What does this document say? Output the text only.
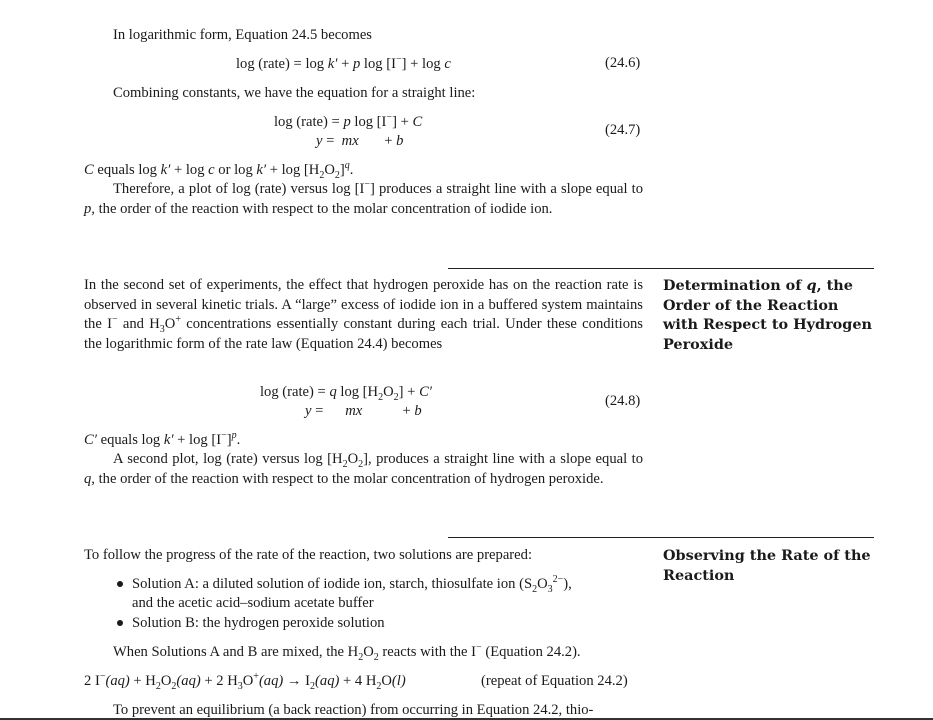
In logarithmic form, Equation 24.5 becomes
log (rate) = log k′ + p log [I−] + log c	(24.6)
Combining constants, we have the equation for a straight line:
log (rate) = p log [I−] + C
y = mx + b
(24.7)
C equals log k′ + log c or $\log k' + \log [H_2O_2]^q$.
Therefore, a plot of log (rate) versus log [I−] produces a straight line with a slope equal to p, the order of the reaction with respect to the molar concentration of iodide ion.
Determination of q, the Order of the Reaction with Respect to Hydrogen Peroxide
In the second set of experiments, the effect that hydrogen peroxide has on the reaction rate is observed in several kinetic trials. A “large” excess of iodide ion in a buffered system maintains the I− and $H_3O^+$ concentrations essentially constant during each trial. Under these conditions the logarithmic form of the rate law (Equation 24.4) becomes
log (rate) = q $\log [H_2O_2] + C'$
y = mx	+ b
(24.8)
C′ equals $\log k' + \log [I^-]^p$.
A second plot, log (rate) versus $\log [H_2O_2]$, produces a straight line with a slope equal to q, the order of the reaction with respect to the molar concentration of hydrogen peroxide.
Observing the Rate of the Reaction
To follow the progress of the rate of the reaction, two solutions are prepared:
Solution A: a diluted solution of iodide ion, starch, thiosulfate ion $(S_2O_3^{2-})$,
and the acetic acid–sodium acetate buffer
Solution B: the hydrogen peroxide solution
When Solutions A and B are mixed, the $H_2O_2$ reacts with the I− (Equation 24.2).
2 $I^-(aq) + H_2O_2(aq) + 2$ $H_3O^+(aq) \to I_2(aq) + 4$ $H_2O(l)$	(repeat of Equation 24.2)
To prevent an equilibrium (a back reaction) from occurring in Equation 24.2, thio-
